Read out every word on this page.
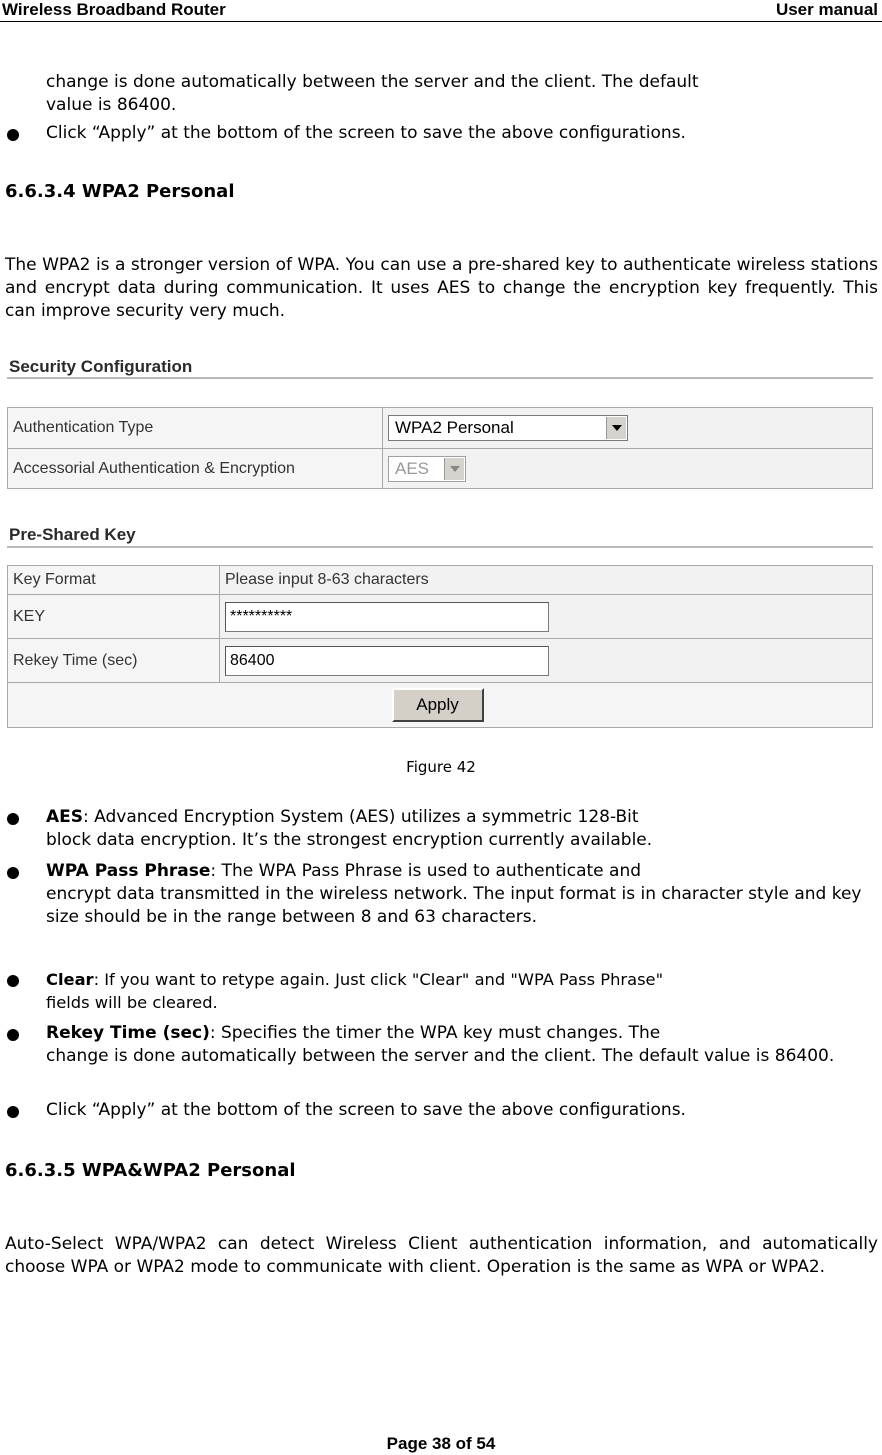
Wireless Broadband Router	User manual
change is done automatically between the server and the client. The default
value is 86400.
Click “Apply” at the bottom of the screen to save the above configurations.
6.6.3.4 WPA2 Personal
The WPA2 is a stronger version of WPA. You can use a pre-shared key to authenticate wireless stations and encrypt data during communication. It uses AES to change the encryption key frequently. This can improve security very much.
Security Configuration
Authentication Type	WPA2 Personal

Accessorial Authentication & Encryption	AES
Pre-Shared Key
Key Format	Please input 8-63 characters
KEY	**********
Rekey Time (sec)	86400
Apply	
Figure 42
AES: Advanced Encryption System (AES) utilizes a symmetric 128-Bit
block data encryption. It’s the strongest encryption currently available.
WPA Pass Phrase: The WPA Pass Phrase is used to authenticate and
encrypt data transmitted in the wireless network. The input format is in character style and key size should be in the range between 8 and 63 characters.
Clear: If you want to retype again. Just click "Clear" and "WPA Pass Phrase"
fields will be cleared.
Rekey Time (sec): Specifies the timer the WPA key must changes. The
change is done automatically between the server and the client. The default value is 86400.
Click “Apply” at the bottom of the screen to save the above configurations.
6.6.3.5 WPA&WPA2 Personal
Auto-Select WPA/WPA2 can detect Wireless Client authentication information, and automatically choose WPA or WPA2 mode to communicate with client. Operation is the same as WPA or WPA2.
Page 38 of 54
